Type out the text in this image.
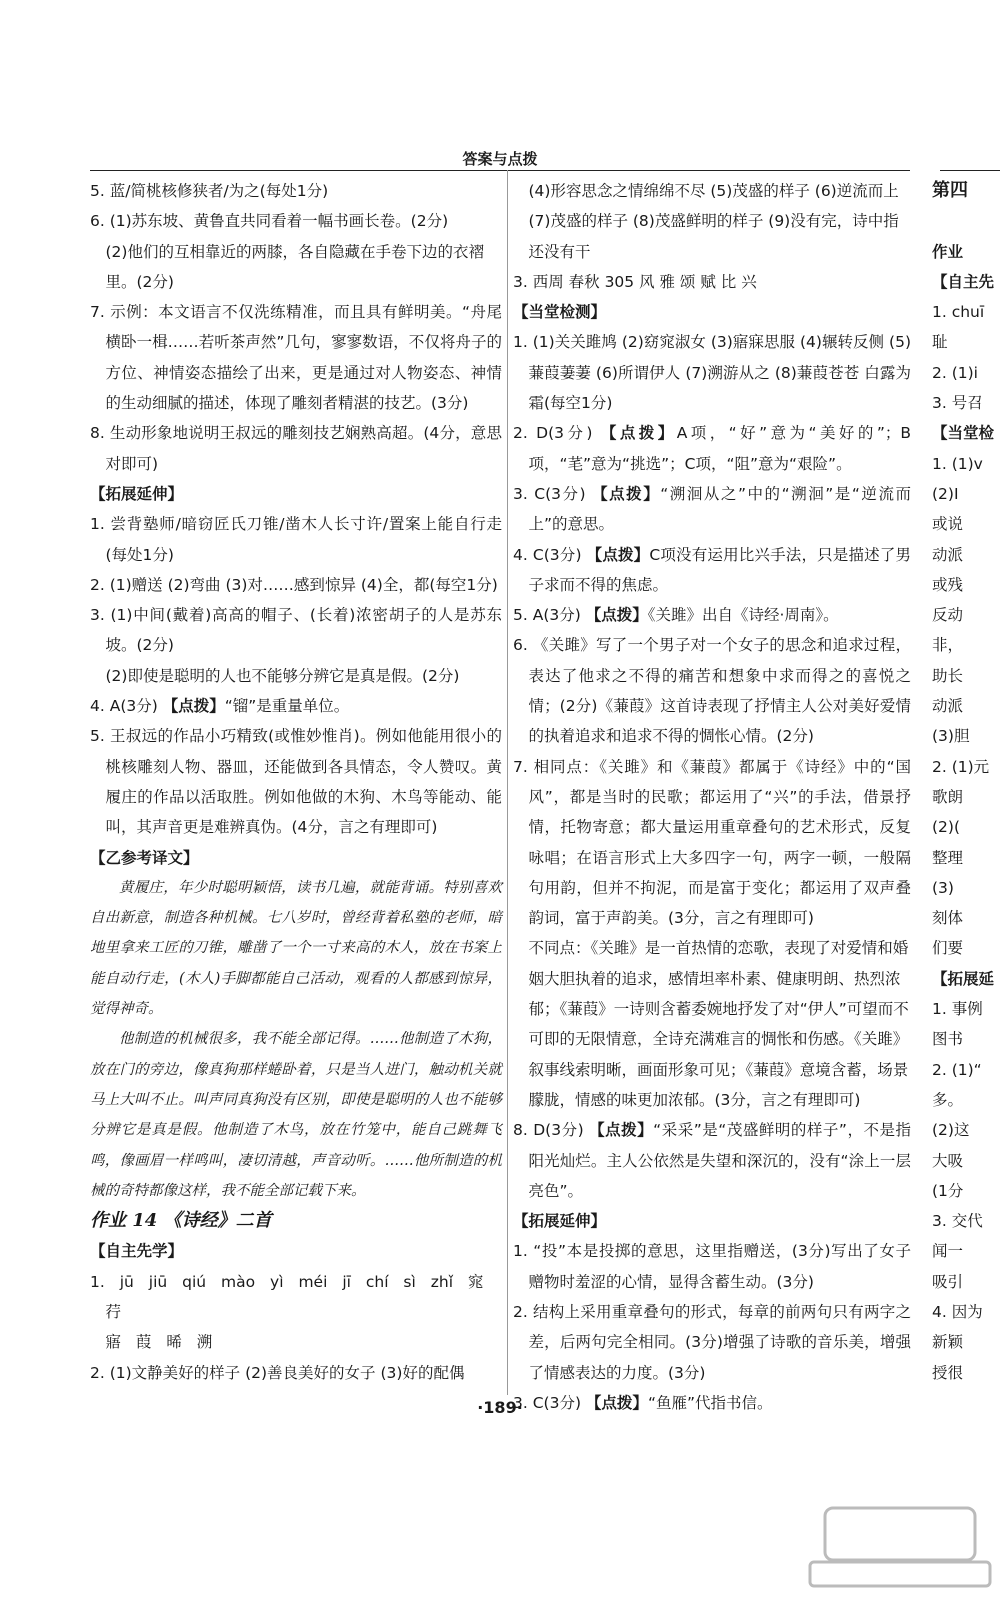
答案与点拨

5. 蓝/简桃核修狭者/为之(每处1分)

6. (1)苏东坡、黄鲁直共同看着一幅书画长卷。(2分)

(2)他们的互相靠近的两膝，各自隐藏在手卷下边的衣褶里。(2分)

7. 示例：本文语言不仅洗练精准，而且具有鲜明美。“舟尾横卧一楫……若听茶声然”几句，寥寥数语，不仅将舟子的方位、神情姿态描绘了出来，更是通过对人物姿态、神情的生动细腻的描述，体现了雕刻者精湛的技艺。(3分)

8. 生动形象地说明王叔远的雕刻技艺娴熟高超。(4分，意思对即可)

【拓展延伸】

1. 尝背塾师/暗窃匠氏刀锥/凿木人长寸许/置案上能自行走(每处1分)

2. (1)赠送 (2)弯曲 (3)对……感到惊异 (4)全，都(每空1分)

3. (1)中间(戴着)高高的帽子、(长着)浓密胡子的人是苏东坡。(2分)

(2)即使是聪明的人也不能够分辨它是真是假。(2分)

4. A(3分) 【点拨】“镏”是重量单位。

5. 王叔远的作品小巧精致(或惟妙惟肖)。例如他能用很小的桃核雕刻人物、器皿，还能做到各具情态，令人赞叹。黄履庄的作品以活取胜。例如他做的木狗、木鸟等能动、能叫，其声音更是难辨真伪。(4分，言之有理即可)

【乙参考译文】

黄履庄，年少时聪明颖悟，读书几遍，就能背诵。特别喜欢自出新意，制造各种机械。七八岁时，曾经背着私塾的老师，暗地里拿来工匠的刀锥，雕凿了一个一寸来高的木人，放在书案上能自动行走，(木人)手脚都能自己活动，观看的人都感到惊异，觉得神奇。

他制造的机械很多，我不能全部记得。……他制造了木狗，放在门的旁边，像真狗那样蜷卧着，只是当人进门，触动机关就马上大叫不止。叫声同真狗没有区别，即使是聪明的人也不能够分辨它是真是假。他制造了木鸟，放在竹笼中，能自己跳舞飞鸣，像画眉一样鸣叫，凄切清越，声音动听。……他所制造的机械的奇特都像这样，我不能全部记载下来。

作业 14 《诗经》二首

【自主先学】

1. jū jiū qiú mào yì méi jī chí sì zhǐ 窕 荇

寤 葭 晞 溯

2. (1)文静美好的样子 (2)善良美好的女子 (3)好的配偶

(4)形容思念之情绵绵不尽 (5)茂盛的样子 (6)逆流而上 (7)茂盛的样子 (8)茂盛鲜明的样子 (9)没有完，诗中指还没有干

3. 西周 春秋 305 风 雅 颂 赋 比 兴

【当堂检测】

1. (1)关关雎鸠 (2)窈窕淑女 (3)寤寐思服 (4)辗转反侧 (5)蒹葭萋萋 (6)所谓伊人 (7)溯游从之 (8)蒹葭苍苍 白露为霜(每空1分)

2. D(3分) 【点拨】A项，“好”意为“美好的”；B项，“芼”意为“挑选”；C项，“阻”意为“艰险”。

3. C(3分) 【点拨】“溯洄从之”中的“溯洄”是“逆流而上”的意思。

4. C(3分) 【点拨】C项没有运用比兴手法，只是描述了男子求而不得的焦虑。

5. A(3分) 【点拨】《关雎》出自《诗经·周南》。

6. 《关雎》写了一个男子对一个女子的思念和追求过程，表达了他求之不得的痛苦和想象中求而得之的喜悦之情；(2分)《蒹葭》这首诗表现了抒情主人公对美好爱情的执着追求和追求不得的惆怅心情。(2分)

7. 相同点：《关雎》和《蒹葭》都属于《诗经》中的“国风”，都是当时的民歌；都运用了“兴”的手法，借景抒情，托物寄意；都大量运用重章叠句的艺术形式，反复咏唱；在语言形式上大多四字一句，两字一顿，一般隔句用韵，但并不拘泥，而是富于变化；都运用了双声叠韵词，富于声韵美。(3分，言之有理即可)

不同点：《关雎》是一首热情的恋歌，表现了对爱情和婚姻大胆执着的追求，感情坦率朴素、健康明朗、热烈浓郁；《蒹葭》一诗则含蓄委婉地抒发了对“伊人”可望而不可即的无限情意，全诗充满难言的惆怅和伤感。《关雎》叙事线索明晰，画面形象可见；《蒹葭》意境含蓄，场景朦胧，情感的味更加浓郁。(3分，言之有理即可)

8. D(3分) 【点拨】“采采”是“茂盛鲜明的样子”，不是指阳光灿烂。主人公依然是失望和深沉的，没有“涂上一层亮色”。

【拓展延伸】

1. “投”本是投掷的意思，这里指赠送，(3分)写出了女子赠物时羞涩的心情，显得含蓄生动。(3分)

2. 结构上采用重章叠句的形式，每章的前两句只有两字之差，后两句完全相同。(3分)增强了诗歌的音乐美，增强了情感表达的力度。(3分)

3. C(3分) 【点拨】“鱼雁”代指书信。

第四

作业

【自主先

1. chuī

耻

2. (1)i

3. 号召

【当堂检

1. (1)v

(2)I

或说

动派

或残

反动

非，

助长

动派

(3)胆

2. (1)元

歌朗

(2)(

整理

(3)

刻体

们要

【拓展延

1. 事例

图书

2. (1)“

多。

(2)这

大吸

(1分

3. 交代

闻一

吸引

4. 因为

新颖

授很

·189·
